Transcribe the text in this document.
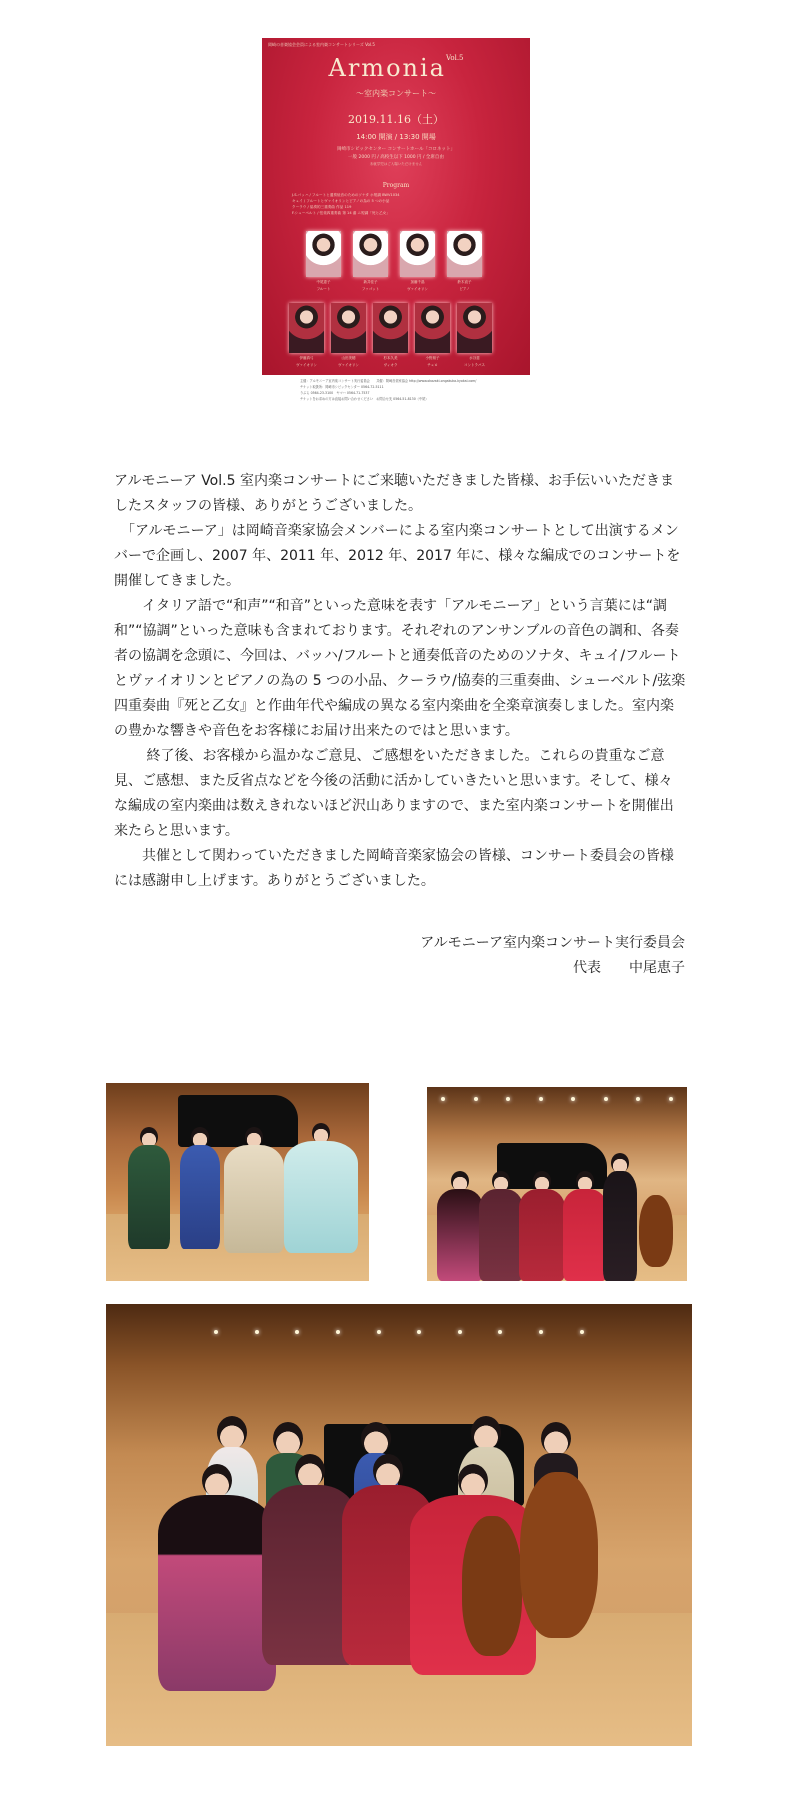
岡崎の音楽協会会員による室内楽コンサートシリーズ Vol.5
Armonia$^{Vol.5}$
～室内楽コンサート～
2019.11.16（土）
14:00 開演 / 13:30 開場
岡崎市シビックセンター コンサートホール「コロネット」
一般 2000 円 / 高校生以下 1000 円 / 全席自由
未就学児はご入場いただけません
Program
J.S.バッハ / フルートと通奏低音のためのソナタ ホ短調 BWV1034
キュイ / フルートとヴァイオリンとピアノの為の 5 つの小品
クーラウ / 協奏的三重奏曲 作品 119
F.シューベルト / 弦楽四重奏曲 第 14 番 ニ短調「死と乙女」
中尾恵子
フルート
新井佳子
ファゴット
加藤千晶
ヴァイオリン
鈴木直子
ピアノ
伊藤真弓
ヴァイオリン
山田美穂
ヴァイオリン
杉本久美
ヴィオラ
小野朋子
チェロ
水谷恵
コントラバス
主催：アルモニーア室内楽コンサート実行委員会　　共催：岡崎音楽家協会 http://www.okazaki-ongakuka-kyokai.com/
チケット取扱所：岡崎市シビックセンター 0564-72-5111
りぶら 0564-23-3100　ヤマハ 0564-71-7537
チケットをお求めの方は直接お問い合わせください　お問合せ先 0564-51-8130（中尾）

アルモニーア Vol.5 室内楽コンサートにご来聴いただきました皆様、お手伝いいただきましたスタッフの皆様、ありがとうございました。

　「アルモニーア」は岡崎音楽家協会メンバーによる室内楽コンサートとして出演するメンバーで企画し、2007 年、2011 年、2012 年、2017 年に、様々な編成でのコンサートを開催してきました。

　　イタリア語で“和声”“和音”といった意味を表す「アルモニーア」という言葉には“調和”“協調”といった意味も含まれております。それぞれのアンサンブルの音色の調和、各奏者の協調を念頭に、今回は、バッハ/フルートと通奏低音のためのソナタ、キュイ/フルートとヴァイオリンとピアノの為の 5 つの小品、クーラウ/協奏的三重奏曲、シューベルト/弦楽四重奏曲『死と乙女』と作曲年代や編成の異なる室内楽曲を全楽章演奏しました。室内楽の豊かな響きや音色をお客様にお届け出来たのではと思います。

　　 終了後、お客様から温かなご意見、ご感想をいただきました。これらの貴重なご意見、ご感想、また反省点などを今後の活動に活かしていきたいと思います。そして、様々な編成の室内楽曲は数えきれないほど沢山ありますので、また室内楽コンサートを開催出来たらと思います。

　　共催として関わっていただきました岡崎音楽家協会の皆様、コンサート委員会の皆様には感謝申し上げます。ありがとうございました。

アルモニーア室内楽コンサート実行委員会
代表　　中尾恵子
